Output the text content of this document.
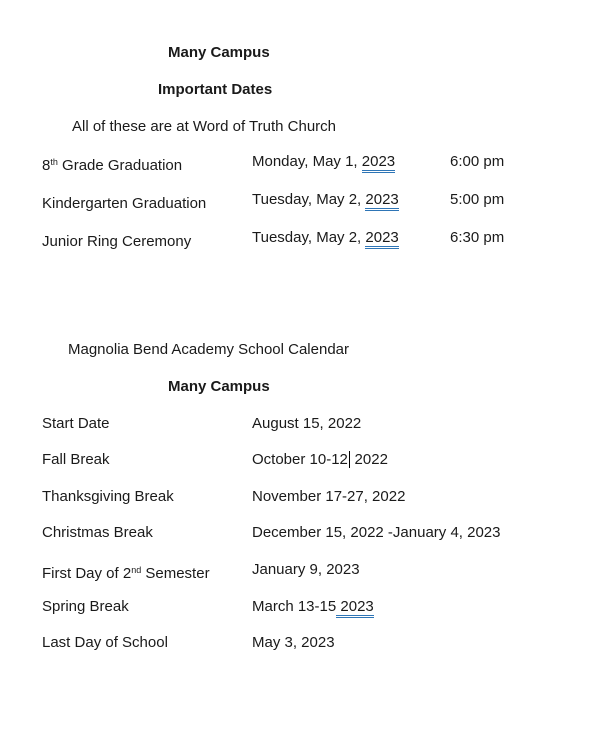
Many Campus
Important Dates
All of these are at Word of Truth Church
8th Grade Graduation	Monday, May 1, 2023	6:00 pm
Kindergarten Graduation	Tuesday, May 2, 2023	5:00 pm
Junior Ring Ceremony	Tuesday, May 2, 2023	6:30 pm
Magnolia Bend Academy School Calendar
Many Campus
Start Date	August 15, 2022
Fall Break	October 10-12 2022
Thanksgiving Break	November 17-27, 2022
Christmas Break	December 15, 2022 -January 4, 2023
First Day of 2nd Semester	January 9, 2023
Spring Break	March 13-15 2023
Last Day of School	May 3, 2023
